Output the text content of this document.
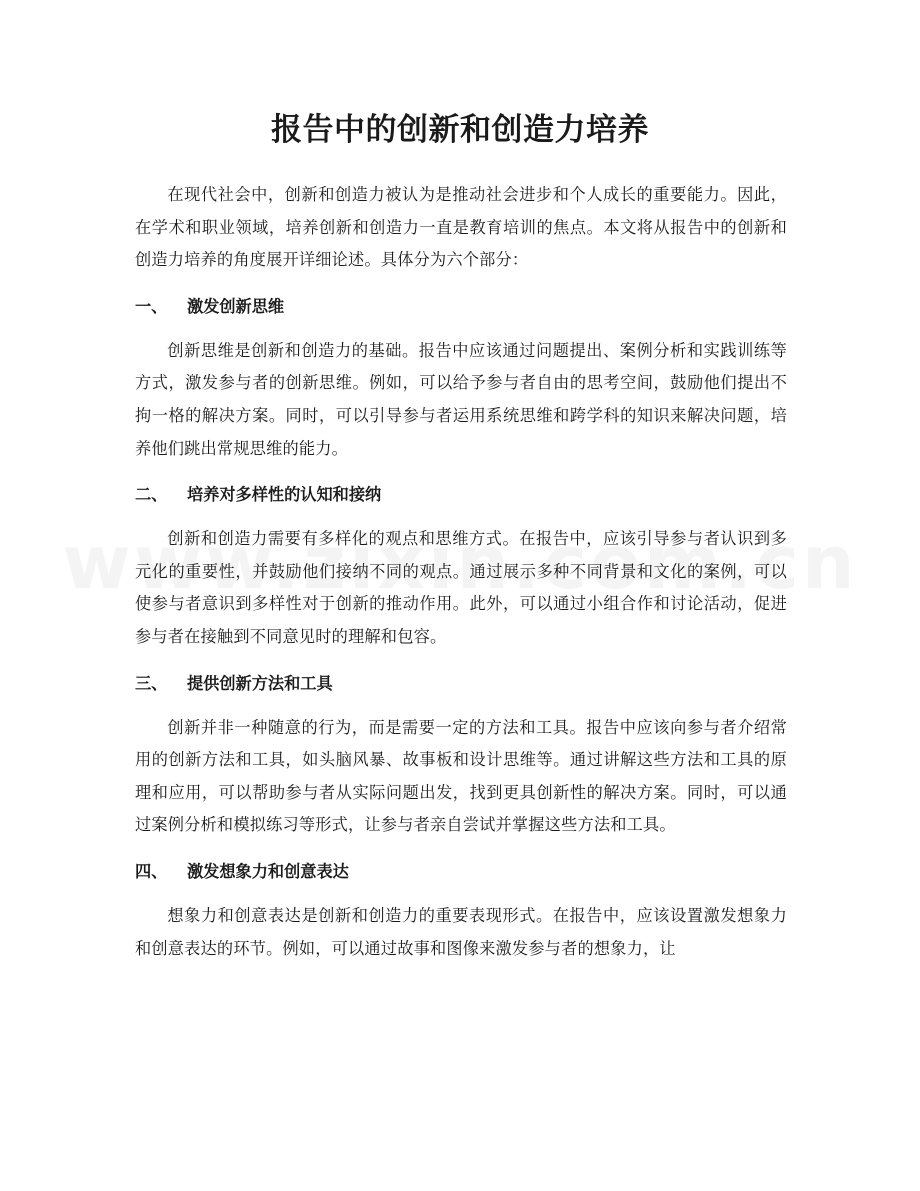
报告中的创新和创造力培养

在现代社会中，创新和创造力被认为是推动社会进步和个人成长的重要能力。因此，在学术和职业领域，培养创新和创造力一直是教育培训的焦点。本文将从报告中的创新和创造力培养的角度展开详细论述。具体分为六个部分：

一、	激发创新思维

创新思维是创新和创造力的基础。报告中应该通过问题提出、案例分析和实践训练等方式，激发参与者的创新思维。例如，可以给予参与者自由的思考空间，鼓励他们提出不拘一格的解决方案。同时，可以引导参与者运用系统思维和跨学科的知识来解决问题，培养他们跳出常规思维的能力。

二、	培养对多样性的认知和接纳

创新和创造力需要有多样化的观点和思维方式。在报告中，应该引导参与者认识到多元化的重要性，并鼓励他们接纳不同的观点。通过展示多种不同背景和文化的案例，可以使参与者意识到多样性对于创新的推动作用。此外，可以通过小组合作和讨论活动，促进参与者在接触到不同意见时的理解和包容。

三、	提供创新方法和工具

创新并非一种随意的行为，而是需要一定的方法和工具。报告中应该向参与者介绍常用的创新方法和工具，如头脑风暴、故事板和设计思维等。通过讲解这些方法和工具的原理和应用，可以帮助参与者从实际问题出发，找到更具创新性的解决方案。同时，可以通过案例分析和模拟练习等形式，让参与者亲自尝试并掌握这些方法和工具。

四、	激发想象力和创意表达

想象力和创意表达是创新和创造力的重要表现形式。在报告中，应该设置激发想象力和创意表达的环节。例如，可以通过故事和图像来激发参与者的想象力，让
